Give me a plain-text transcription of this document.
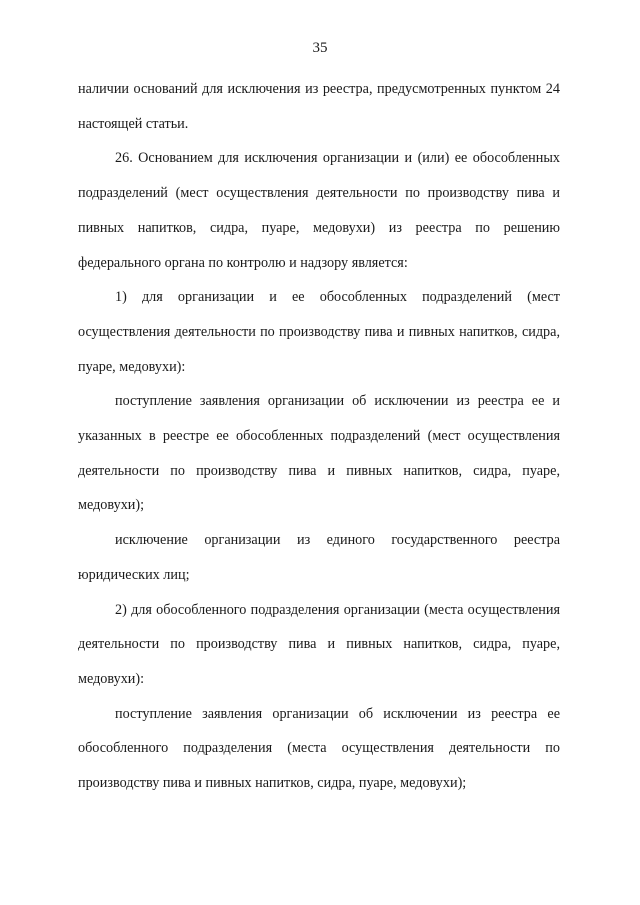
35

наличии оснований для исключения из реестра, предусмотренных пунктом 24 настоящей статьи.

26. Основанием для исключения организации и (или) ее обособленных подразделений (мест осуществления деятельности по производству пива и пивных напитков, сидра, пуаре, медовухи) из реестра по решению федерального органа по контролю и надзору является:

1) для организации и ее обособленных подразделений (мест осуществления деятельности по производству пива и пивных напитков, сидра, пуаре, медовухи):

поступление заявления организации об исключении из реестра ее и указанных в реестре ее обособленных подразделений (мест осуществления деятельности по производству пива и пивных напитков, сидра, пуаре, медовухи);

исключение организации из единого государственного реестра юридических лиц;

2) для обособленного подразделения организации (места осуществления деятельности по производству пива и пивных напитков, сидра, пуаре, медовухи):

поступление заявления организации об исключении из реестра ее обособленного подразделения (места осуществления деятельности по производству пива и пивных напитков, сидра, пуаре, медовухи);
